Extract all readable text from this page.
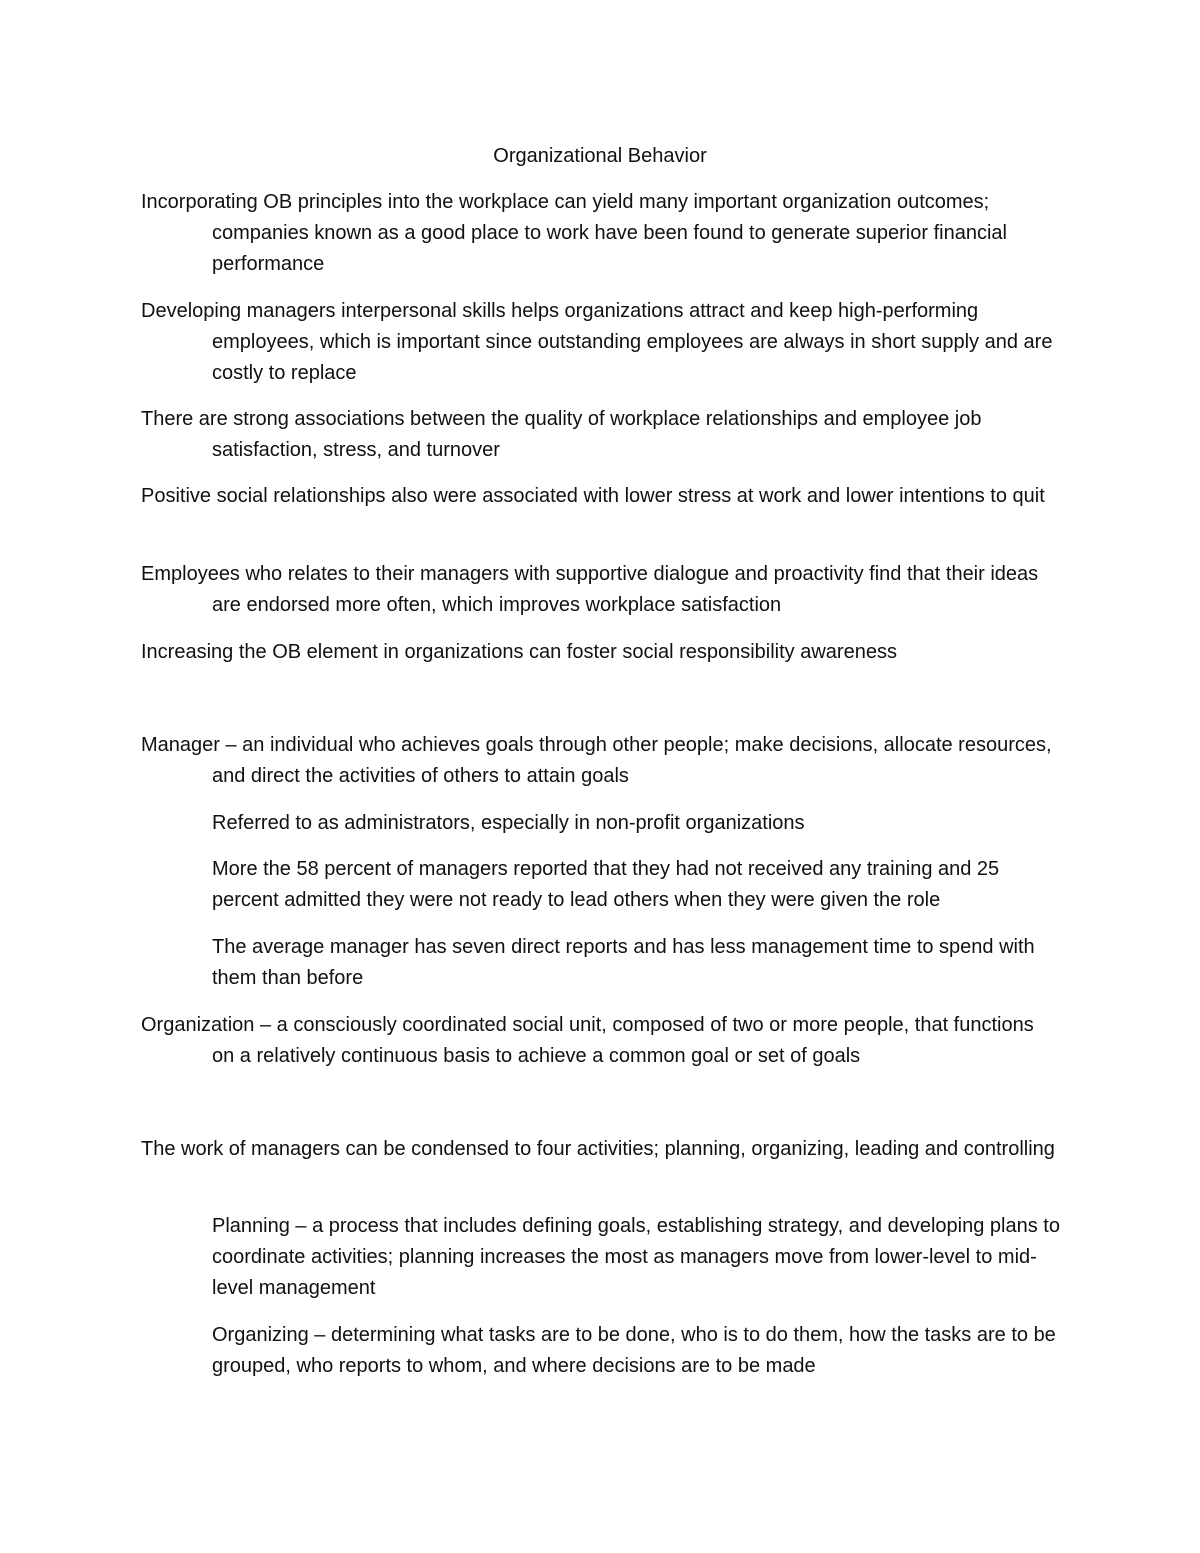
Organizational Behavior

Incorporating OB principles into the workplace can yield many important organization outcomes; companies known as a good place to work have been found to generate superior financial performance

Developing managers interpersonal skills helps organizations attract and keep high-performing employees, which is important since outstanding employees are always in short supply and are costly to replace

There are strong associations between the quality of workplace relationships and employee job satisfaction, stress, and turnover

Positive social relationships also were associated with lower stress at work and lower intentions to quit

Employees who relates to their managers with supportive dialogue and proactivity find that their ideas are endorsed more often, which improves workplace satisfaction

Increasing the OB element in organizations can foster social responsibility awareness

Manager – an individual who achieves goals through other people; make decisions, allocate resources, and direct the activities of others to attain goals

Referred to as administrators, especially in non-profit organizations

More the 58 percent of managers reported that they had not received any training and 25 percent admitted they were not ready to lead others when they were given the role

The average manager has seven direct reports and has less management time to spend with them than before

Organization – a consciously coordinated social unit, composed of two or more people, that functions on a relatively continuous basis to achieve a common goal or set of goals

The work of managers can be condensed to four activities; planning, organizing, leading and controlling

Planning – a process that includes defining goals, establishing strategy, and developing plans to coordinate activities; planning increases the most as managers move from lower-level to mid-level management

Organizing – determining what tasks are to be done, who is to do them, how the tasks are to be grouped, who reports to whom, and where decisions are to be made
